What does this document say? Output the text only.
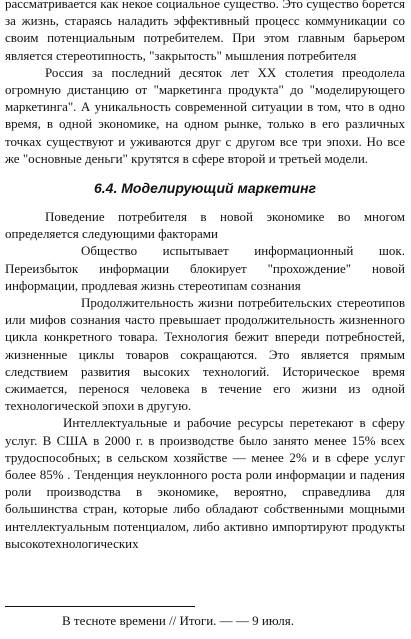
рассматривается как некое социальное существо. Это существо борется за жизнь, стараясь наладить эффективный процесс коммуникации со своим потенциальным потребителем. При этом главным барьером является стереотипность, "закрытость" мышления потребителя

Россия за последний десяток лет XX столетия преодолела огромную дистанцию от "маркетинга продукта" до "моделирующего маркетинга". А уникальность современной ситуации в том, что в одно время, в одной экономике, на одном рынке, только в его различных точках существуют и уживаются друг с другом все три эпохи. Но все же "основные деньги" крутятся в сфере второй и третьей модели.

6.4. Моделирующий маркетинг

Поведение потребителя в новой экономике во многом определяется следующими факторами

Общество испытывает информационный шок. Переизбыток информации блокирует "прохождение" новой информации, продлевая жизнь стереотипам сознания

Продолжительность жизни потребительских стереотипов или мифов сознания часто превышает продолжительность жизненного цикла конкретного товара. Технология бежит впереди потребностей, жизненные циклы товаров сокращаются. Это является прямым следствием развития высоких технологий. Историческое время сжимается, перенося человека в течение его жизни из одной технологической эпохи в другую.

Интеллектуальные и рабочие ресурсы перетекают в сферу услуг. В США в 2000 г. в производстве было занято менее 15% всех трудоспособных; в сельском хозяйстве — менее 2% и в сфере услуг более 85% . Тенденция неуклонного роста роли информации и падения роли производства в экономике, вероятно, справедлива для большинства стран, которые либо обладают собственными мощными интеллектуальным потенциалом, либо активно импортируют продукты высокотехнологических

В тесноте времени // Итоги. — — 9 июля.
